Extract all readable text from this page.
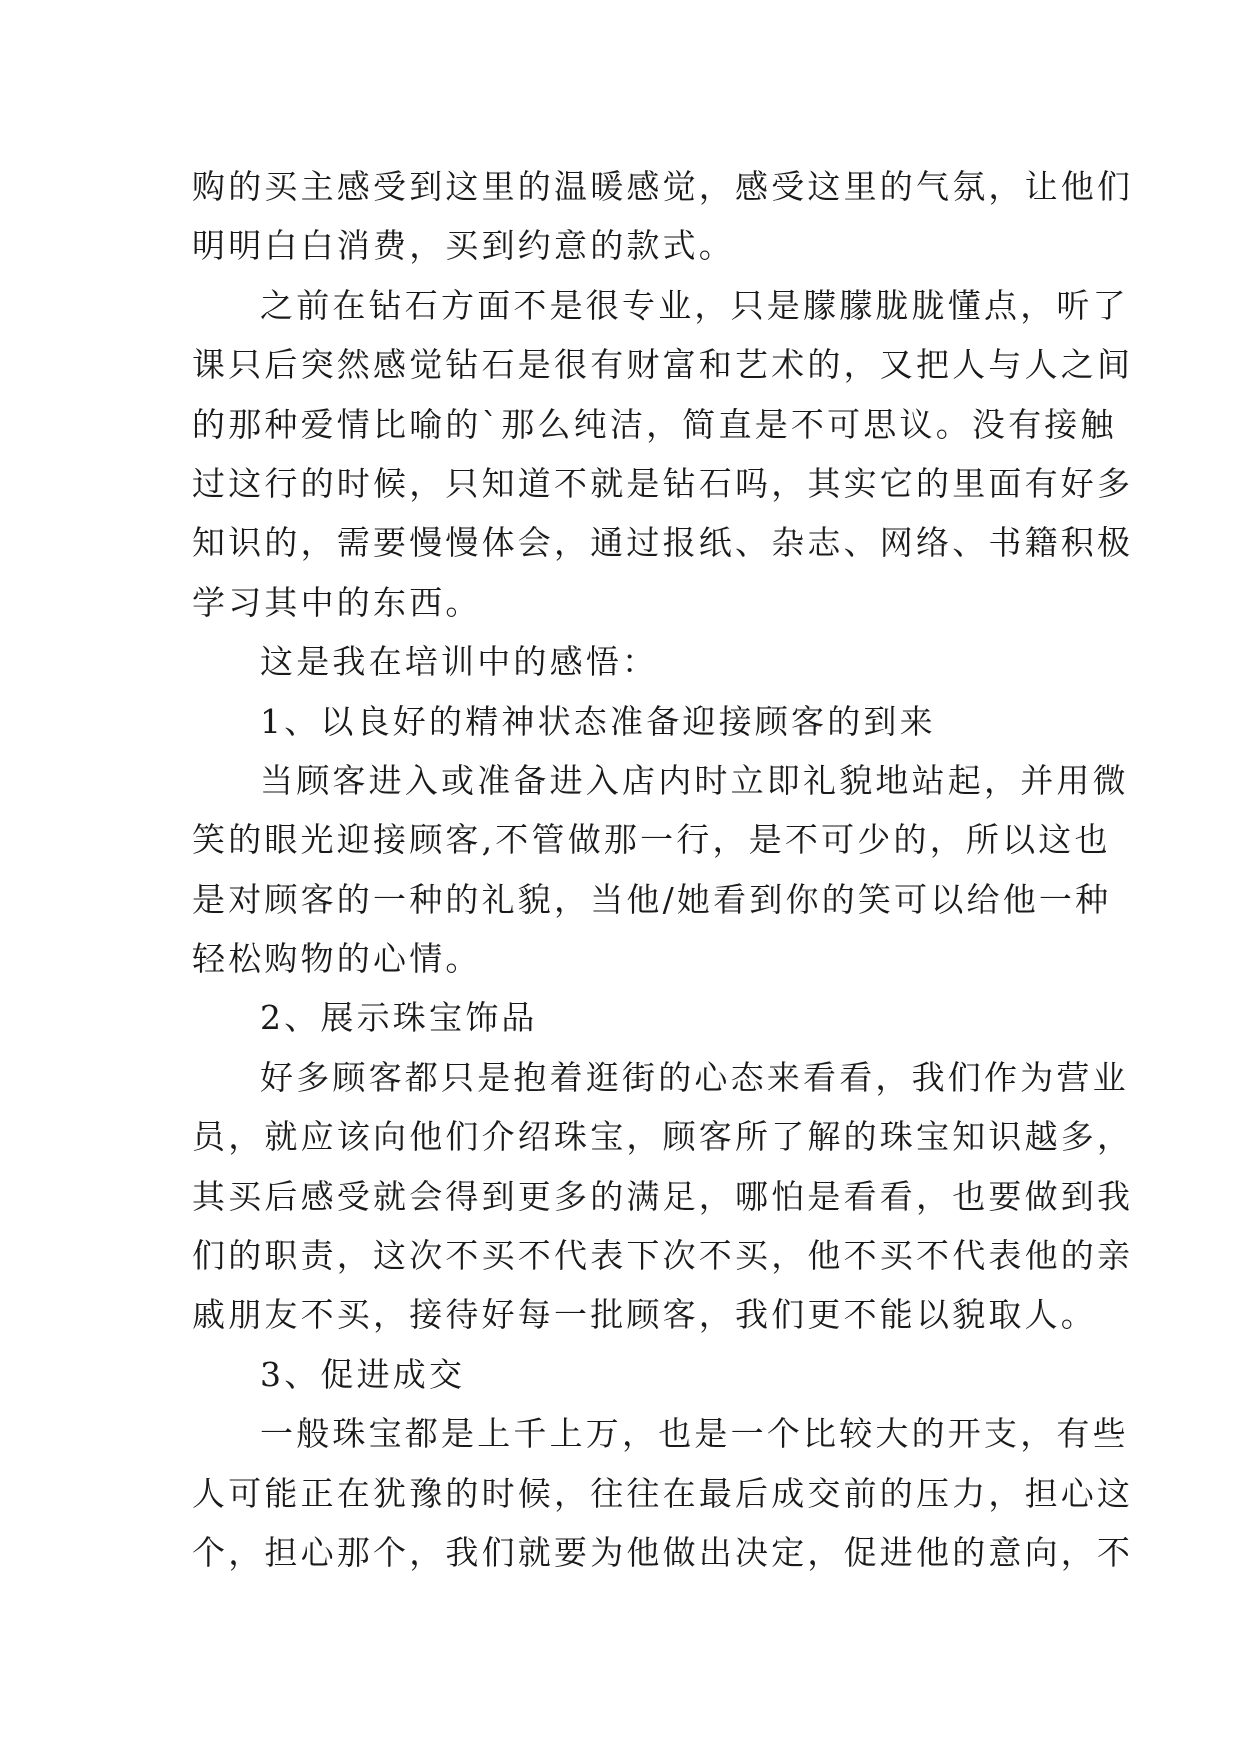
购的买主感受到这里的温暖感觉，感受这里的气氛，让他们
明明白白消费，买到约意的款式。
之前在钻石方面不是很专业，只是朦朦胧胧懂点，听了
课只后突然感觉钻石是很有财富和艺术的，又把人与人之间
的那种爱情比喻的`那么纯洁，简直是不可思议。没有接触
过这行的时候，只知道不就是钻石吗，其实它的里面有好多
知识的，需要慢慢体会，通过报纸、杂志、网络、书籍积极
学习其中的东西。
这是我在培训中的感悟：
1、以良好的精神状态准备迎接顾客的到来
当顾客进入或准备进入店内时立即礼貌地站起，并用微
笑的眼光迎接顾客,不管做那一行，是不可少的，所以这也
是对顾客的一种的礼貌，当他/她看到你的笑可以给他一种
轻松购物的心情。
2、展示珠宝饰品
好多顾客都只是抱着逛街的心态来看看，我们作为营业
员，就应该向他们介绍珠宝，顾客所了解的珠宝知识越多，
其买后感受就会得到更多的满足，哪怕是看看，也要做到我
们的职责，这次不买不代表下次不买，他不买不代表他的亲
戚朋友不买，接待好每一批顾客，我们更不能以貌取人。
3、促进成交
一般珠宝都是上千上万，也是一个比较大的开支，有些
人可能正在犹豫的时候，往往在最后成交前的压力，担心这
个，担心那个，我们就要为他做出决定，促进他的意向，不
